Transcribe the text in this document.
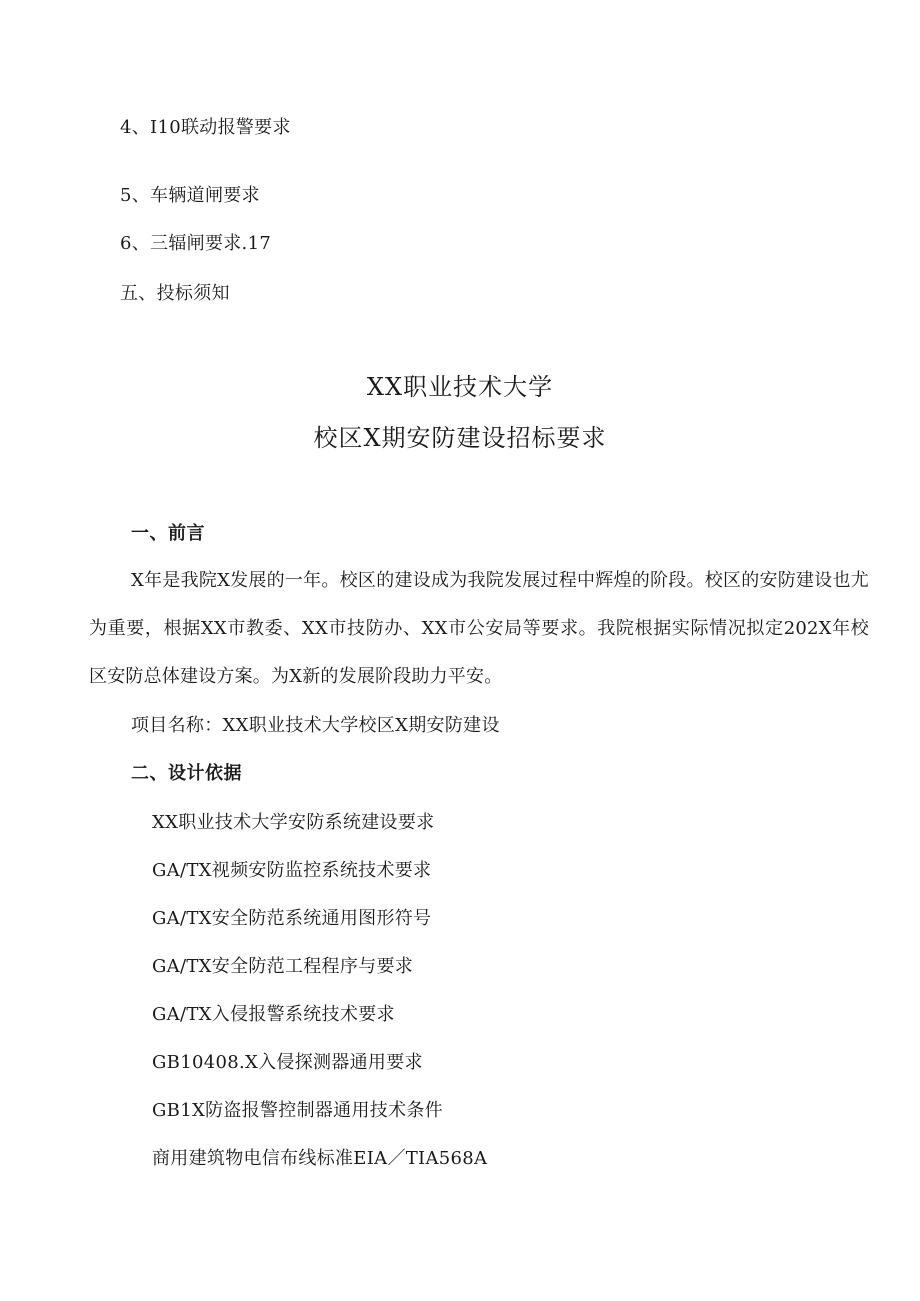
4、I10联动报警要求
5、车辆道闸要求
6、三辐闸要求.17
五、投标须知
XX职业技术大学
校区X期安防建设招标要求
一、前言
X年是我院X发展的一年。校区的建设成为我院发展过程中辉煌的阶段。校区的安防建设也尤为重要，根据XX市教委、XX市技防办、XX市公安局等要求。我院根据实际情况拟定202X年校区安防总体建设方案。为X新的发展阶段助力平安。
项目名称：XX职业技术大学校区X期安防建设
二、设计依据
XX职业技术大学安防系统建设要求
GA/TX视频安防监控系统技术要求
GA/TX安全防范系统通用图形符号
GA/TX安全防范工程程序与要求
GA/TX入侵报警系统技术要求
GB10408.X入侵探测器通用要求
GB1X防盗报警控制器通用技术条件
商用建筑物电信布线标准EIA／TIA568A
